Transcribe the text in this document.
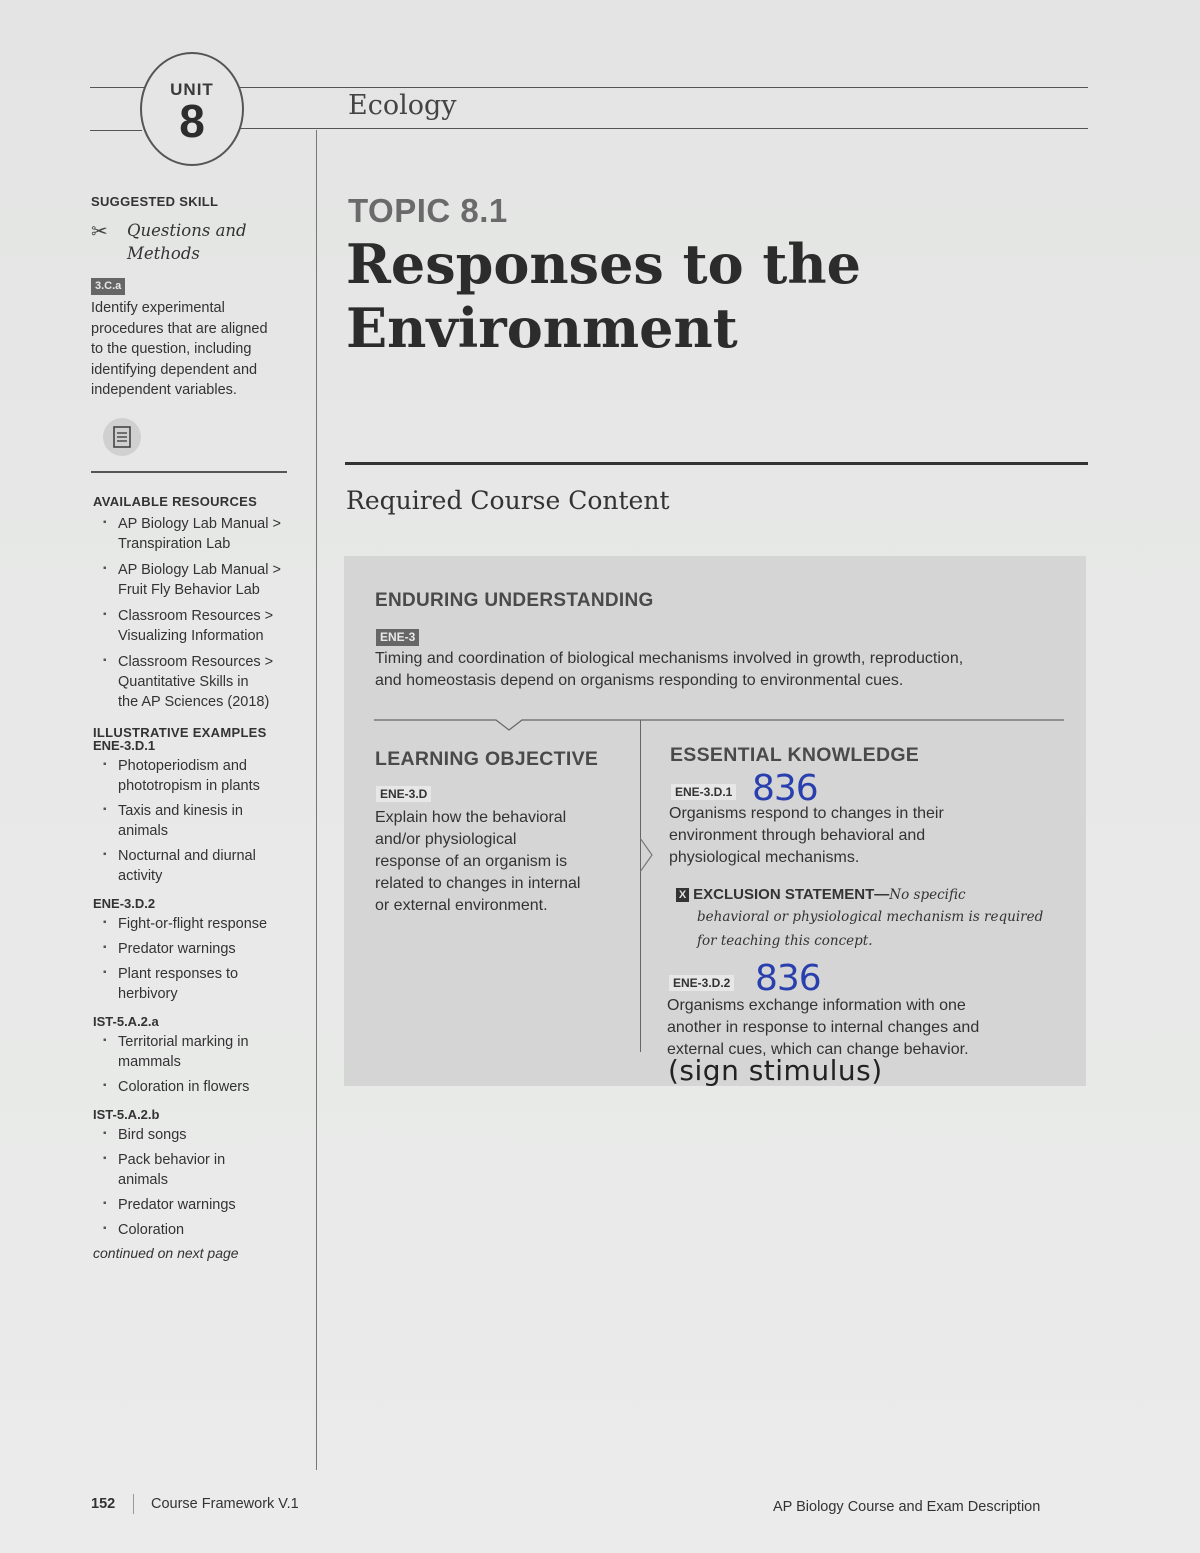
UNIT
8	Ecology
SUGGESTED SKILL
✂ Questions and
Methods
3.C.a
Identify experimental
procedures that are aligned
to the question, including
identifying dependent and
independent variables.
AVAILABLE RESOURCES
▪ AP Biology Lab Manual >
Transpiration Lab
▪ AP Biology Lab Manual >
Fruit Fly Behavior Lab
▪ Classroom Resources >
Visualizing Information
▪ Classroom Resources >
Quantitative Skills in
the AP Sciences (2018)
ILLUSTRATIVE EXAMPLES
ENE-3.D.1
▪ Photoperiodism and
phototropism in plants
▪ Taxis and kinesis in
animals
▪ Nocturnal and diurnal
activity
ENE-3.D.2
▪ Fight-or-flight response
▪ Predator warnings
▪ Plant responses to
herbivory
IST-5.A.2.a
▪ Territorial marking in
mammals
▪ Coloration in flowers
IST-5.A.2.b
▪ Bird songs
▪ Pack behavior in
animals
▪ Predator warnings
▪ Coloration
continued on next page
TOPIC 8.1
Responses to the
Environment
Required Course Content
ENDURING UNDERSTANDING
ENE-3
Timing and coordination of biological mechanisms involved in growth, reproduction,
and homeostasis depend on organisms responding to environmental cues.
LEARNING OBJECTIVE
ENE-3.D
Explain how the behavioral
and/or physiological
response of an organism is
related to changes in internal
or external environment.
ESSENTIAL KNOWLEDGE
ENE-3.D.1 836
Organisms respond to changes in their
environment through behavioral and
physiological mechanisms.
X EXCLUSION STATEMENT—No specific
behavioral or physiological mechanism is required
for teaching this concept.
ENE-3.D.2 836
Organisms exchange information with one
another in response to internal changes and
external cues, which can change behavior.
(sign stimulus)
152 Course Framework V.1	AP Biology Course and Exam Description
